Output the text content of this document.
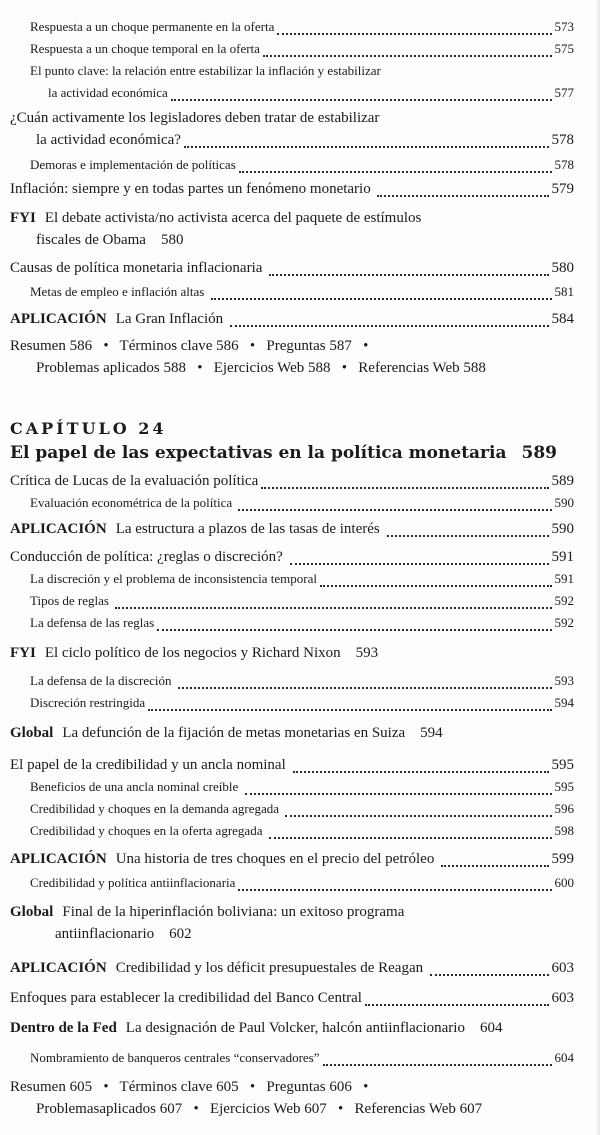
Respuesta a un choque permanente en la oferta	573
Respuesta a un choque temporal en la oferta	575
El punto clave: la relación entre estabilizar la inflación y estabilizar
la actividad económica	577
¿Cuán activamente los legisladores deben tratar de estabilizar
la actividad económica?	578
Demoras e implementación de políticas	578
Inflación: siempre y en todas partes un fenómeno monetario	579
FYI El debate activista/no activista acerca del paquete de estímulos
fiscales de Obama 580
Causas de política monetaria inflacionaria	580
Metas de empleo e inflación altas	581
APLICACIÓN La Gran Inflación	584
Resumen 586   •   Términos clave 586   •   Preguntas 587   •
Problemas aplicados 588   •   Ejercicios Web 588   •   Referencias Web 588
CAPÍTULO 24
El papel de las expectativas en la política monetaria 589
Crítica de Lucas de la evaluación política	589
Evaluación econométrica de la política	590
APLICACIÓN La estructura a plazos de las tasas de interés	590
Conducción de política: ¿reglas o discreción?	591
La discreción y el problema de inconsistencia temporal	591
Tipos de reglas	592
La defensa de las reglas	592
FYI El ciclo político de los negocios y Richard Nixon 593
La defensa de la discreción	593
Discreción restringida	594
Global La defunción de la fijación de metas monetarias en Suiza 594
El papel de la credibilidad y un ancla nominal	595
Beneficios de una ancla nominal creíble	595
Credibilidad y choques en la demanda agregada	596
Credibilidad y choques en la oferta agregada	598
APLICACIÓN Una historia de tres choques en el precio del petróleo	599
Credibilidad y política antiinflacionaria	600
Global Final de la hiperinflación boliviana: un exitoso programa
antiinflacionario 602
APLICACIÓN Credibilidad y los déficit presupuestales de Reagan	603
Enfoques para establecer la credibilidad del Banco Central	603
Dentro de la Fed La designación de Paul Volcker, halcón antiinflacionario 604
Nombramiento de banqueros centrales “conservadores”	604
Resumen 605   •   Términos clave 605   •   Preguntas 606   •
Problemasaplicados 607   •   Ejercicios Web 607   •   Referencias Web 607
